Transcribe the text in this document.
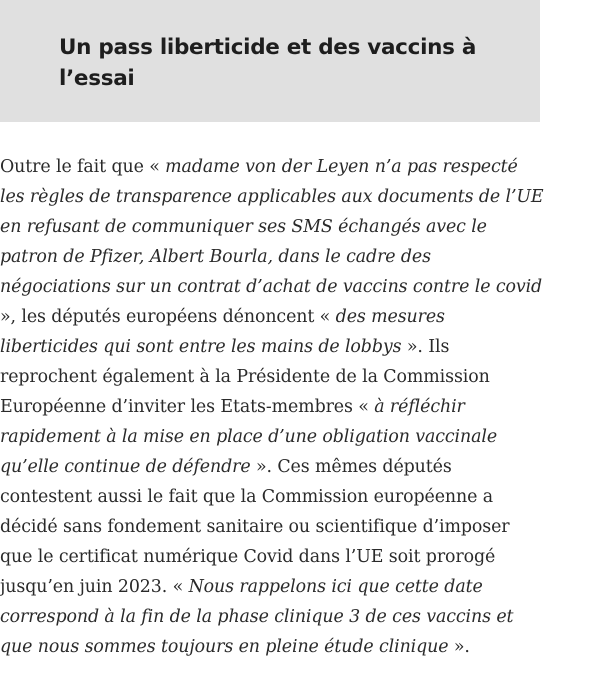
Un pass liberticide et des vaccins à l’essai

Outre le fait que « madame von der Leyen n’a pas respecté les règles de transparence applicables aux documents de l’UE en refusant de communiquer ses SMS échangés avec le patron de Pfizer, Albert Bourla, dans le cadre des négociations sur un contrat d’achat de vaccins contre le covid », les députés européens dénoncent « des mesures liberticides qui sont entre les mains de lobbys ». Ils reprochent également à la Présidente de la Commission Européenne d’inviter les Etats-membres « à réfléchir rapidement à la mise en place d’une obligation vaccinale qu’elle continue de défendre ». Ces mêmes députés contestent aussi le fait que la Commission européenne a décidé sans fondement sanitaire ou scientifique d’imposer que le certificat numérique Covid dans l’UE soit prorogé jusqu’en juin 2023. « Nous rappelons ici que cette date correspond à la fin de la phase clinique 3 de ces vaccins et que nous sommes toujours en pleine étude clinique ».
